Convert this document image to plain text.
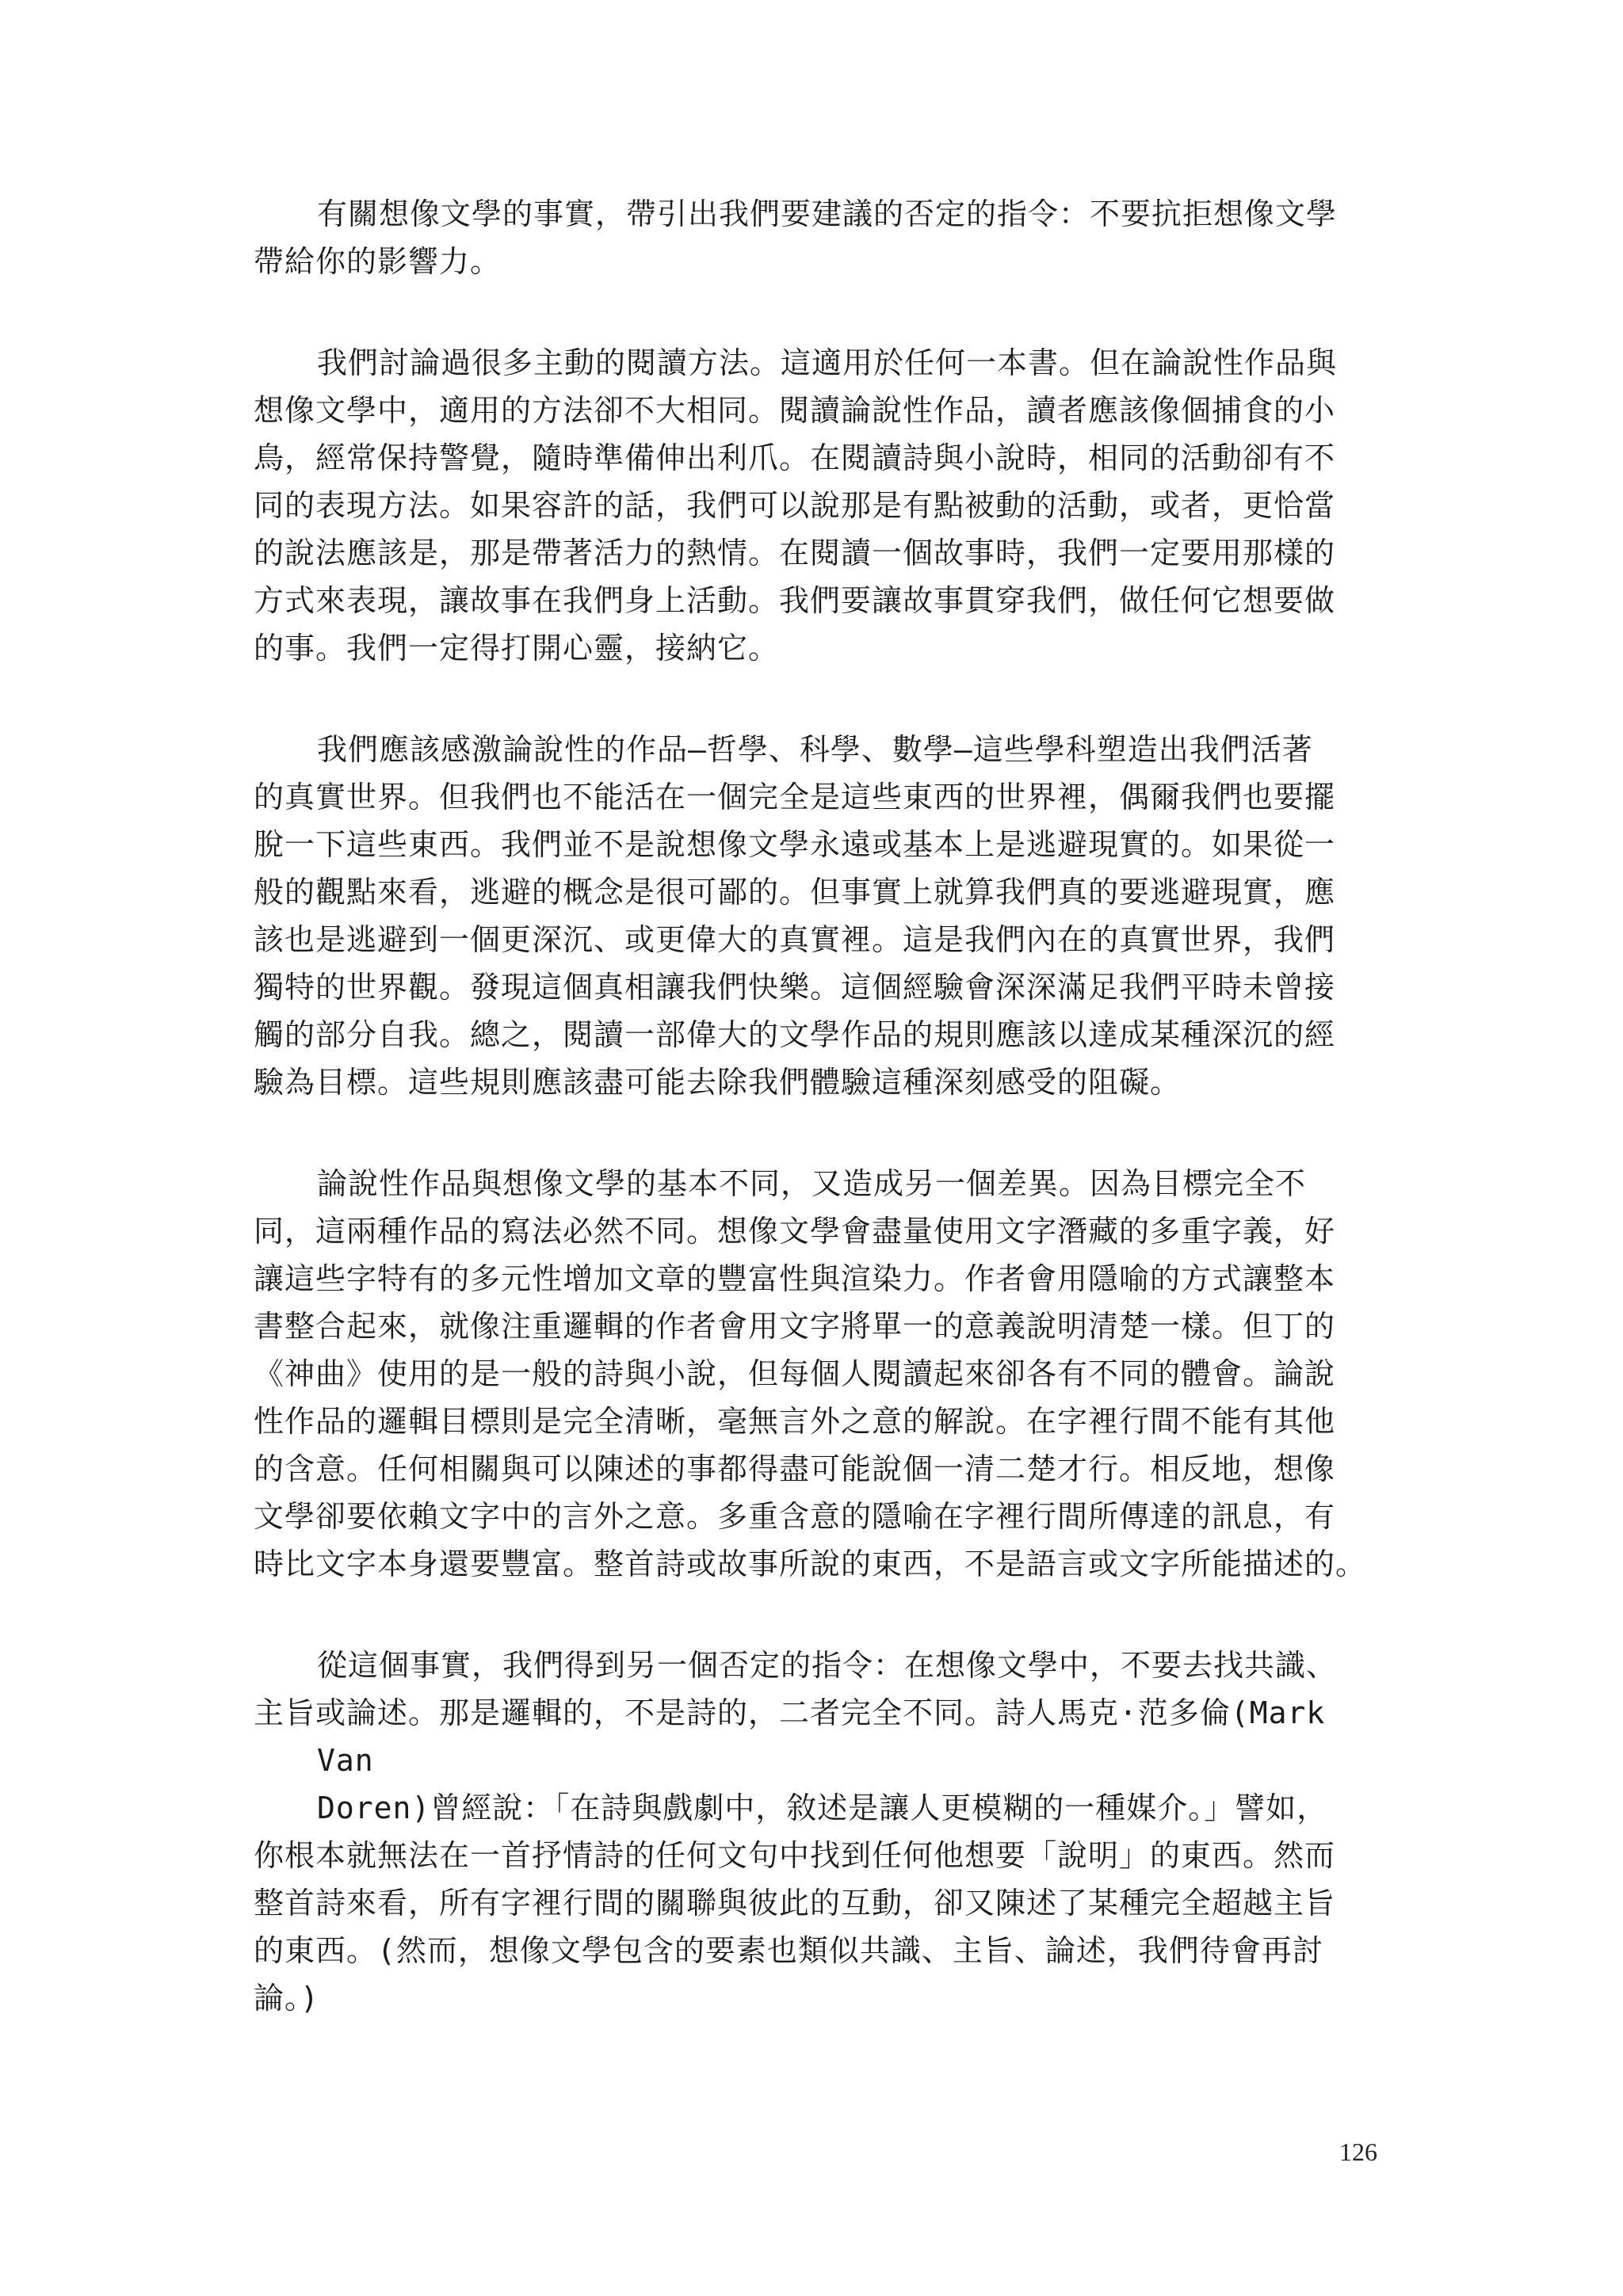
有關想像文學的事實，帶引出我們要建議的否定的指令：不要抗拒想像文學
帶給你的影響力。
我們討論過很多主動的閱讀方法。這適用於任何一本書。但在論說性作品與
想像文學中，適用的方法卻不大相同。閱讀論說性作品，讀者應該像個捕食的小
鳥，經常保持警覺，隨時準備伸出利爪。在閱讀詩與小說時，相同的活動卻有不
同的表現方法。如果容許的話，我們可以說那是有點被動的活動，或者，更恰當
的說法應該是，那是帶著活力的熱情。在閱讀一個故事時，我們一定要用那樣的
方式來表現，讓故事在我們身上活動。我們要讓故事貫穿我們，做任何它想要做
的事。我們一定得打開心靈，接納它。
我們應該感激論說性的作品—哲學、科學、數學—這些學科塑造出我們活著
的真實世界。但我們也不能活在一個完全是這些東西的世界裡，偶爾我們也要擺
脫一下這些東西。我們並不是說想像文學永遠或基本上是逃避現實的。如果從一
般的觀點來看，逃避的概念是很可鄙的。但事實上就算我們真的要逃避現實，應
該也是逃避到一個更深沉、或更偉大的真實裡。這是我們內在的真實世界，我們
獨特的世界觀。發現這個真相讓我們快樂。這個經驗會深深滿足我們平時未曾接
觸的部分自我。總之，閱讀一部偉大的文學作品的規則應該以達成某種深沉的經
驗為目標。這些規則應該盡可能去除我們體驗這種深刻感受的阻礙。
論說性作品與想像文學的基本不同，又造成另一個差異。因為目標完全不
同，這兩種作品的寫法必然不同。想像文學會盡量使用文字潛藏的多重字義，好
讓這些字特有的多元性增加文章的豐富性與渲染力。作者會用隱喻的方式讓整本
書整合起來，就像注重邏輯的作者會用文字將單一的意義說明清楚一樣。但丁的
《神曲》使用的是一般的詩與小說，但每個人閱讀起來卻各有不同的體會。論說
性作品的邏輯目標則是完全清晰，毫無言外之意的解說。在字裡行間不能有其他
的含意。任何相關與可以陳述的事都得盡可能說個一清二楚才行。相反地，想像
文學卻要依賴文字中的言外之意。多重含意的隱喻在字裡行間所傳達的訊息，有
時比文字本身還要豐富。整首詩或故事所說的東西，不是語言或文字所能描述的。
從這個事實，我們得到另一個否定的指令：在想像文學中，不要去找共識、
主旨或論述。那是邏輯的，不是詩的，二者完全不同。詩人馬克·范多倫(Mark
Van
Doren)曾經說：「在詩與戲劇中，敘述是讓人更模糊的一種媒介。」譬如，
你根本就無法在一首抒情詩的任何文句中找到任何他想要「說明」的東西。然而
整首詩來看，所有字裡行間的關聯與彼此的互動，卻又陳述了某種完全超越主旨
的東西。(然而，想像文學包含的要素也類似共識、主旨、論述，我們待會再討
論。)
126
